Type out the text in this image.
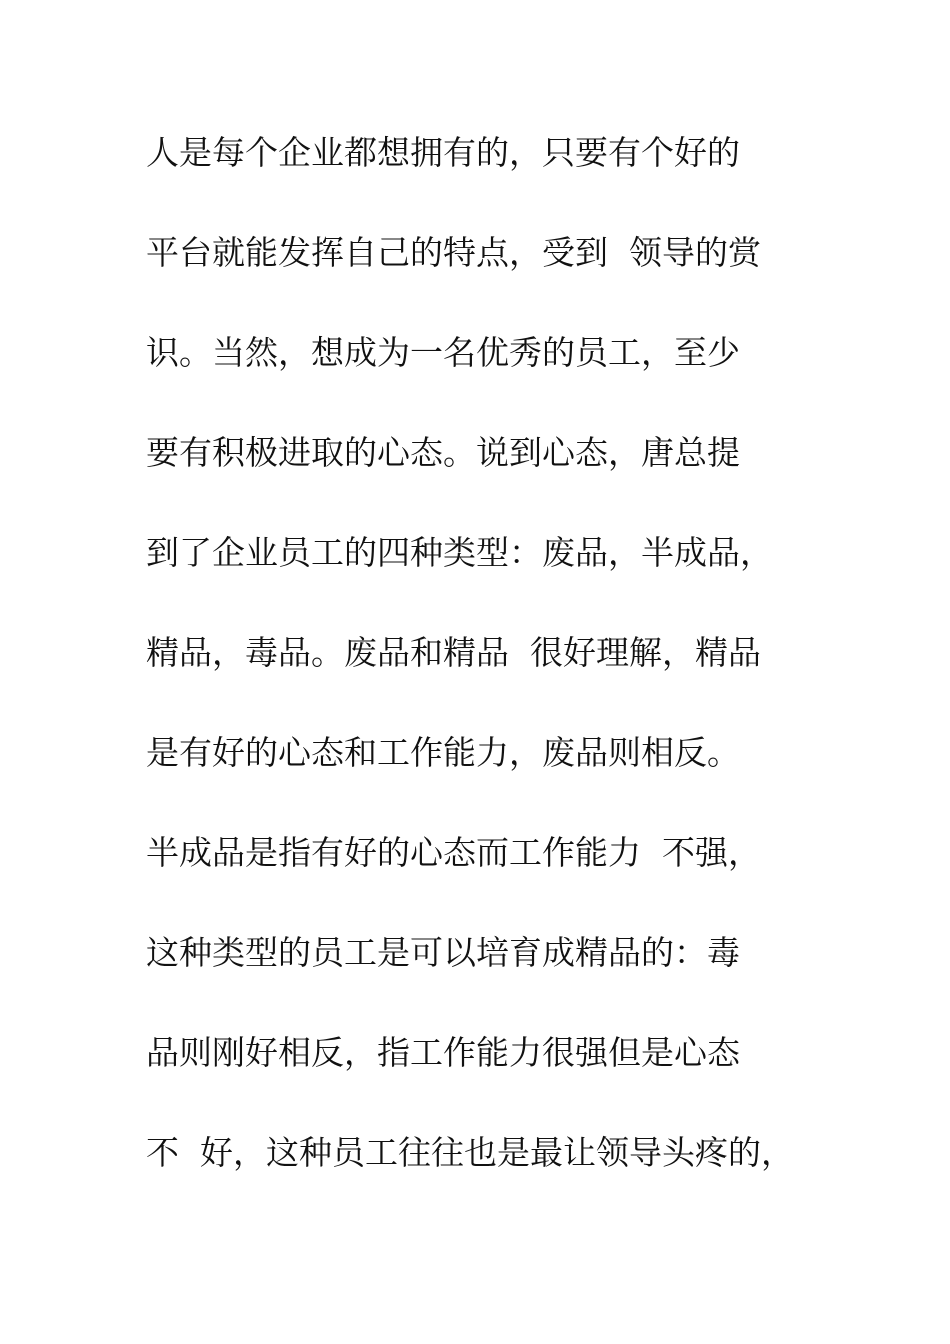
人是每个企业都想拥有的，只要有个好的
平台就能发挥自己的特点，受到  领导的赏
识。当然，想成为一名优秀的员工，至少
要有积极进取的心态。说到心态，唐总提
到了企业员工的四种类型：废品，半成品，
精品，毒品。废品和精品  很好理解，精品
是有好的心态和工作能力，废品则相反。
半成品是指有好的心态而工作能力  不强，
这种类型的员工是可以培育成精品的：毒
品则刚好相反，指工作能力很强但是心态
不  好，这种员工往往也是最让领导头疼的，
